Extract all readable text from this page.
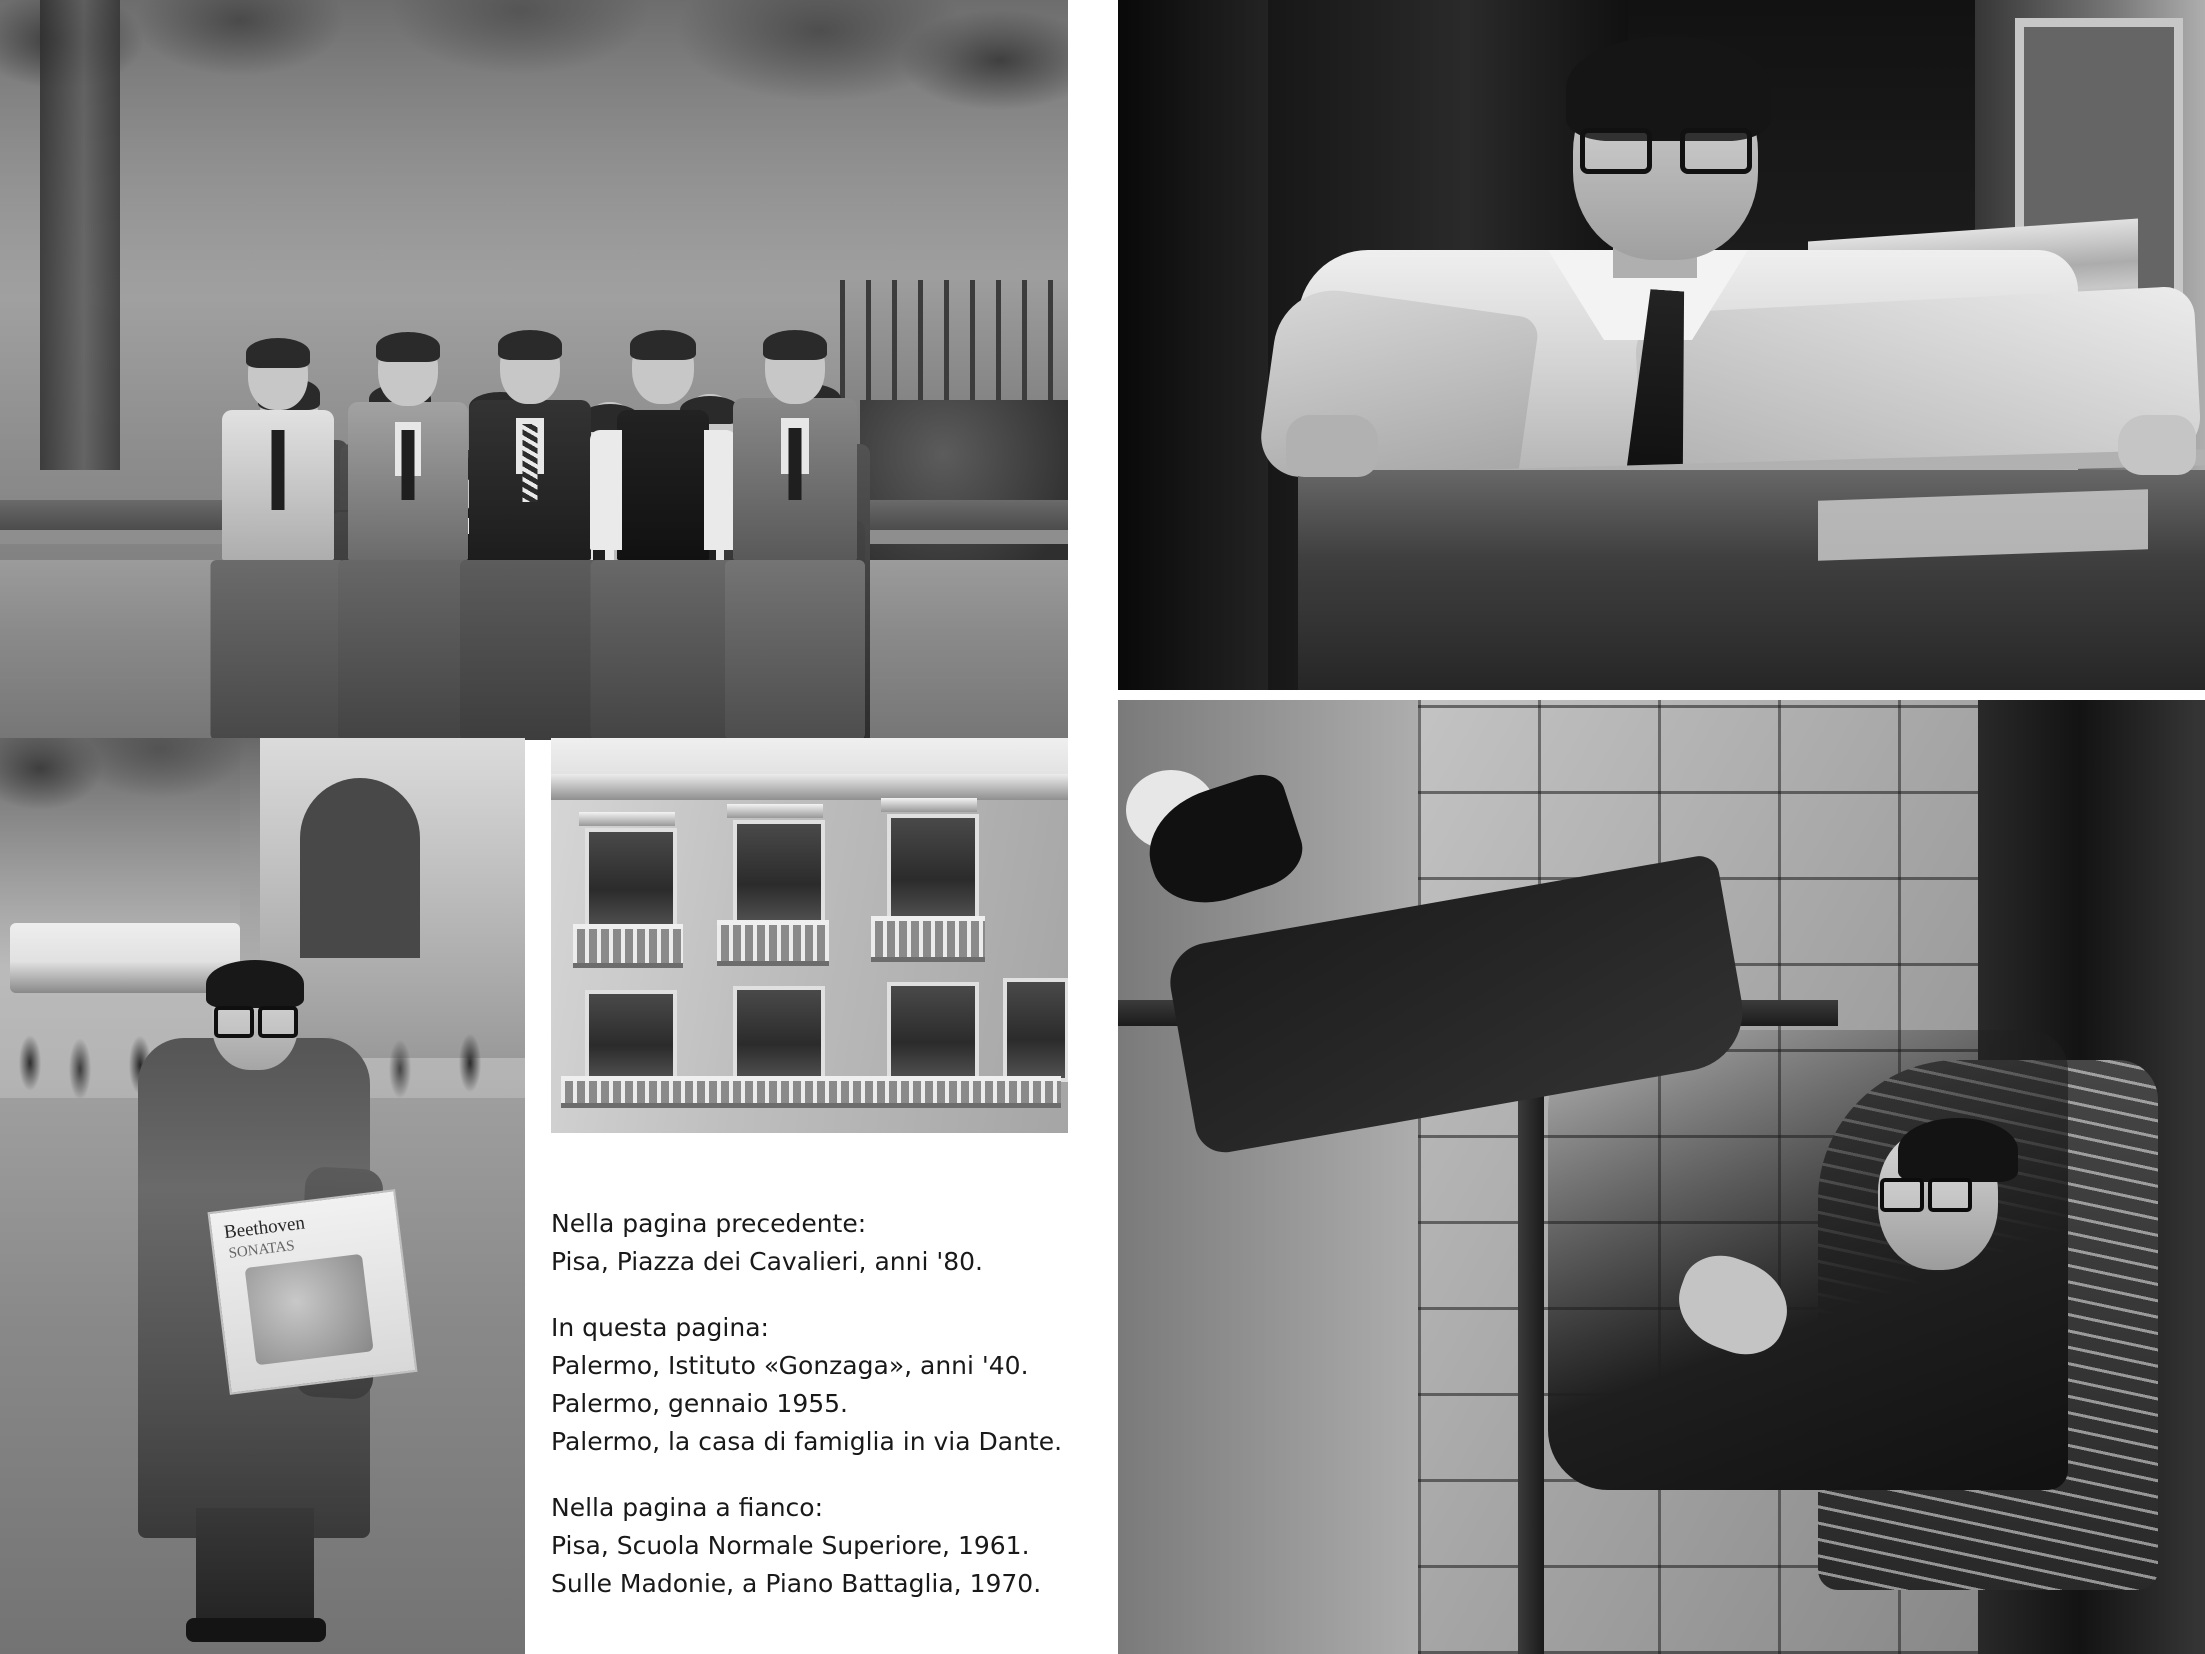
Beethoven
SONATAS
Nella pagina precedente:
Pisa, Piazza dei Cavalieri, anni '80.
In questa pagina:
Palermo, Istituto «Gonzaga», anni '40.
Palermo, gennaio 1955.
Palermo, la casa di famiglia in via Dante.
Nella pagina a fianco:
Pisa, Scuola Normale Superiore, 1961.
Sulle Madonie, a Piano Battaglia, 1970.
